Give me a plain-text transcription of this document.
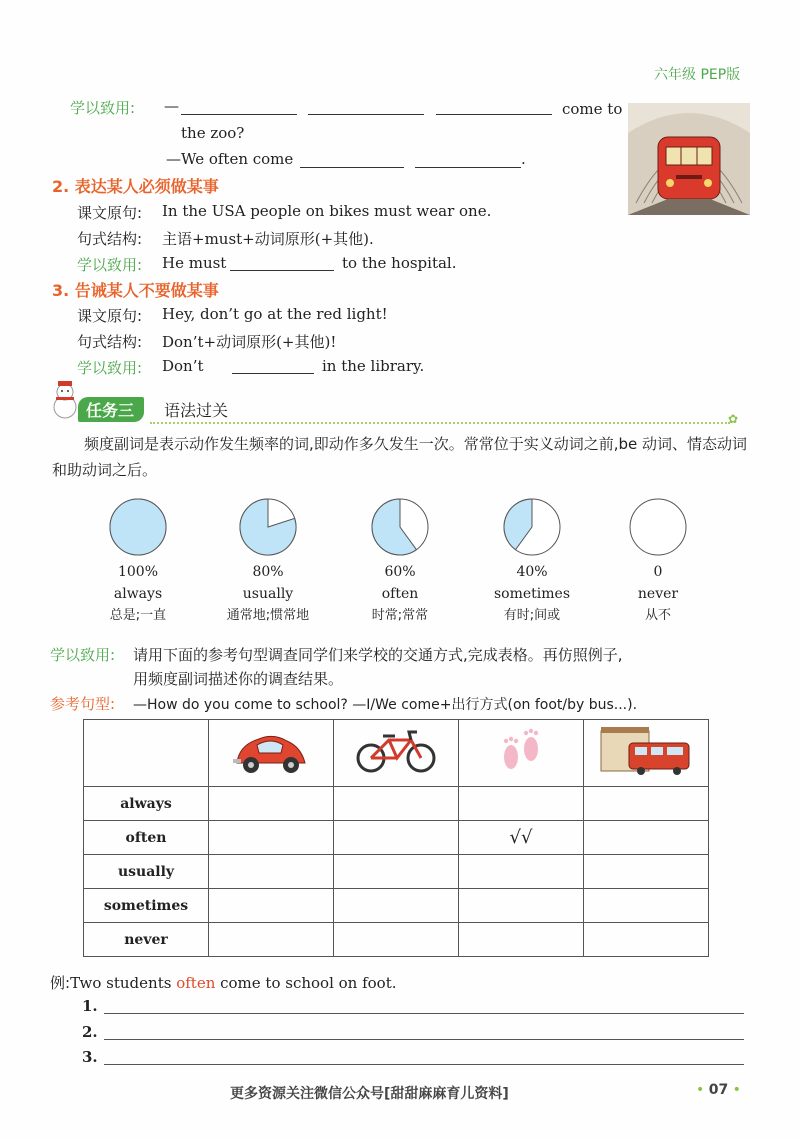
六年级 PEP版
学以致用: —	come to
the zoo?
—We often come	.
2. 表达某人必须做某事
课文原句: In the USA people on bikes must wear one.
句式结构: 主语+must+动词原形(+其他).
学以致用: He must	to the hospital.
3. 告诫某人不要做某事
课文原句: Hey, don’t go at the red light!
句式结构: Don’t+动词原形(+其他)!
学以致用: Don’t	in the library.
任务三	语法过关	✿
频度副词是表示动作发生频率的词,即动作多久发生一次。常常位于实义动词之前,be 动词、情态动词和助动词之后。
100%
always
总是;一直
80%
usually
通常地;惯常地
60%
often
时常;常常
40%
sometimes
有时;间或
0
never
从不
学以致用: 请用下面的参考句型调查同学们来学校的交通方式,完成表格。再仿照例子,
用频度副词描述你的调查结果。
参考句型: —How do you come to school? —I/We come+出行方式(on foot/by bus...).

always				
often			√√	
usually				
sometimes				
never				
例:Two students often come to school on foot.
1.
2.
3.
更多资源关注微信公众号[甜甜麻麻育儿资料]	• 07 •
